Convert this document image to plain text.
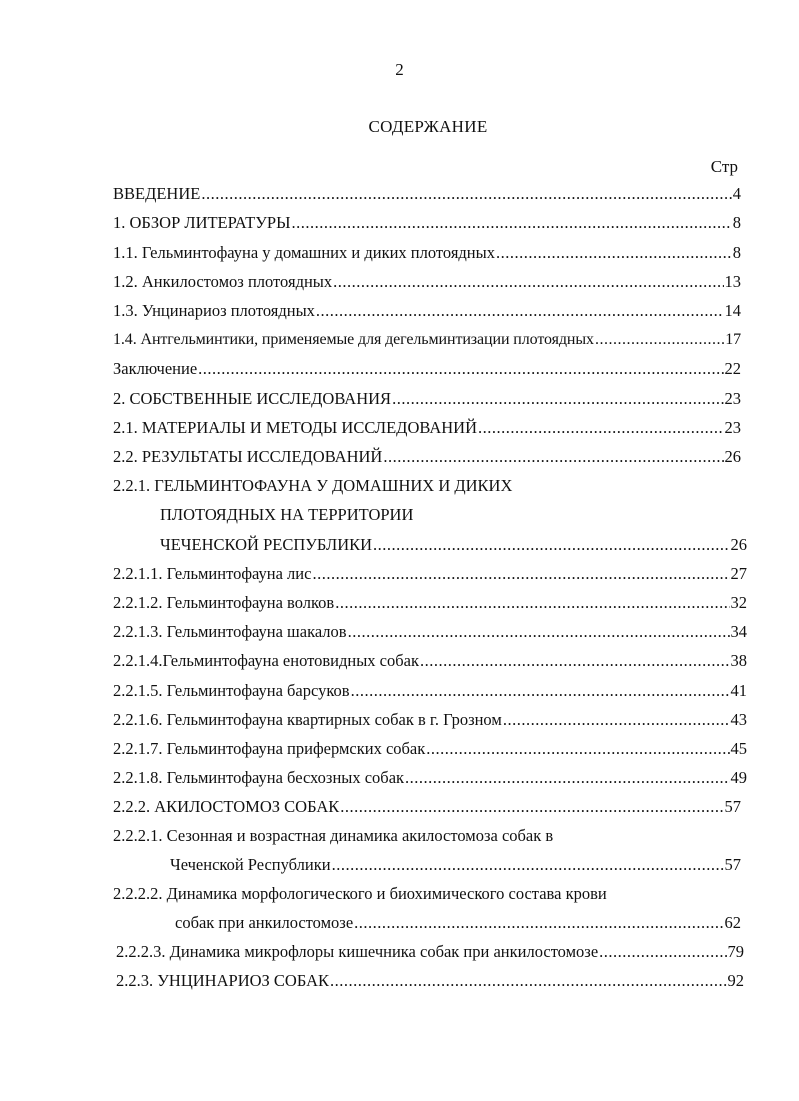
2
СОДЕРЖАНИЕ
Стр
ВВЕДЕНИЕ .....	4
1. ОБЗОР ЛИТЕРАТУРЫ .....	8
1.1. Гельминтофауна у домашних и диких плотоядных .....	8
1.2. Анкилостомоз плотоядных .....	13
1.3. Унцинариоз плотоядных .....	14
1.4. Антгельминтики, применяемые для дегельминтизации плотоядных .....	17
Заключение .....	22
2. СОБСТВЕННЫЕ ИССЛЕДОВАНИЯ .....	23
2.1. МАТЕРИАЛЫ И МЕТОДЫ ИССЛЕДОВАНИЙ .....	23
2.2. РЕЗУЛЬТАТЫ ИССЛЕДОВАНИЙ .....	26
2.2.1. ГЕЛЬМИНТОФАУНА У ДОМАШНИХ И ДИКИХ
ПЛОТОЯДНЫХ НА ТЕРРИТОРИИ
ЧЕЧЕНСКОЙ РЕСПУБЛИКИ .....	26
2.2.1.1. Гельминтофауна лис .....	27
2.2.1.2. Гельминтофауна волков .....	32
2.2.1.3. Гельминтофауна шакалов .....	34
2.2.1.4.Гельминтофауна енотовидных собак .....	38
2.2.1.5. Гельминтофауна барсуков .....	41
2.2.1.6. Гельминтофауна квартирных собак в г. Грозном .....	43
2.2.1.7. Гельминтофауна прифермских собак .....	45
2.2.1.8. Гельминтофауна бесхозных собак .....	49
2.2.2. АКИЛОСТОМОЗ СОБАК .....	57
2.2.2.1. Сезонная и возрастная динамика акилостомоза собак в
Чеченской Республики .....	57
2.2.2.2. Динамика морфологического и биохимического состава крови
собак при анкилостомозе .....	62
2.2.2.3. Динамика микрофлоры кишечника собак при анкилостомозе .....	79
2.2.3. УНЦИНАРИОЗ СОБАК .....	92
